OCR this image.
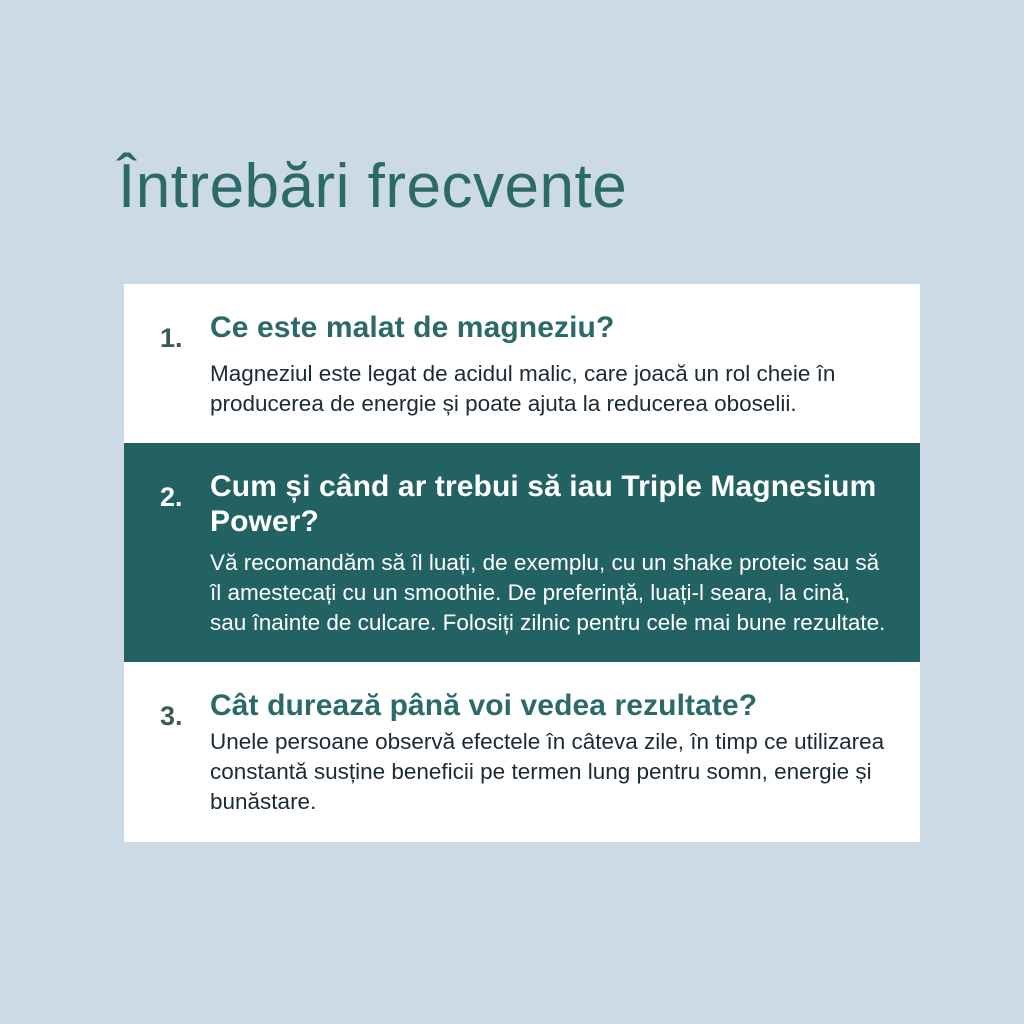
Întrebări frecvente
1. Ce este malat de magneziu?

Magneziul este legat de acidul malic, care joacă un rol cheie în producerea de energie și poate ajuta la reducerea oboselii.

2. Cum și când ar trebui să iau Triple Magnesium Power?

Vă recomandăm să îl luați, de exemplu, cu un shake proteic sau să îl amestecați cu un smoothie. De preferință, luați-l seara, la cină, sau înainte de culcare. Folosiți zilnic pentru cele mai bune rezultate.

3. Cât durează până voi vedea rezultate?

Unele persoane observă efectele în câteva zile, în timp ce utilizarea constantă susține beneficii pe termen lung pentru somn, energie și bunăstare.
